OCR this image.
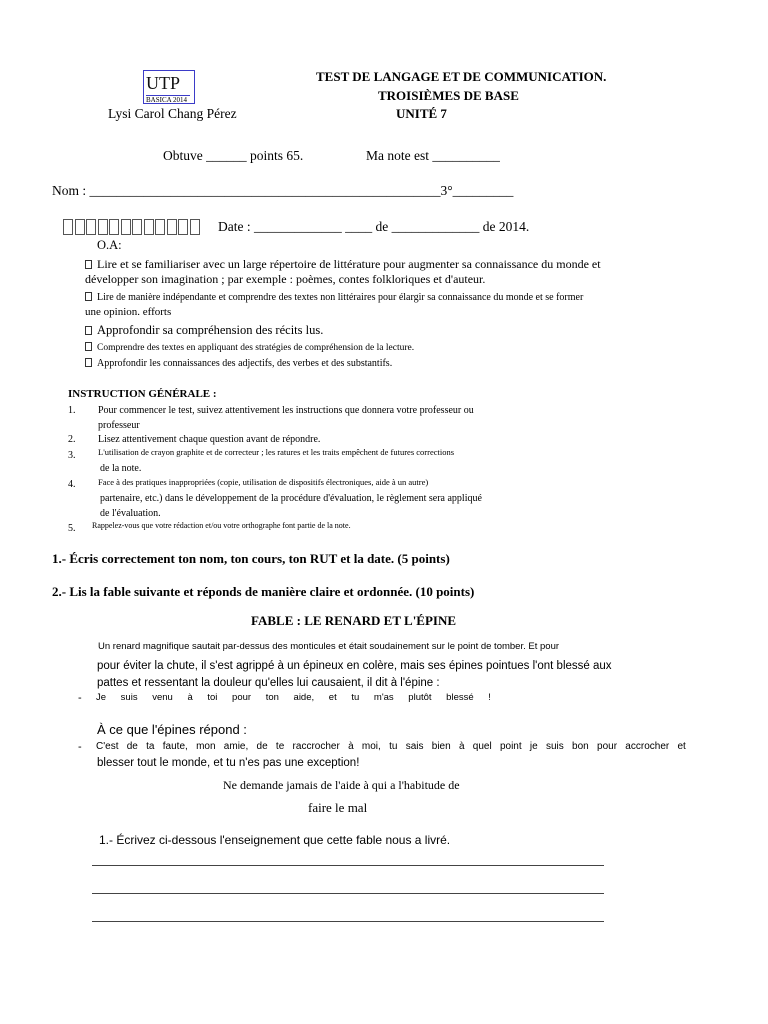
UTP
BASICA 2014
Lysi Carol Chang Pérez
TEST DE LANGAGE ET DE COMMUNICATION.
TROISIÈMES DE BASE
UNITÉ 7
Obtuve ______ points 65.	Ma note est __________
Nom : ____________________________________________________3°_________
Date : _____________ ____ de _____________ de 2014.
O.A:
Lire et se familiariser avec un large répertoire de littérature pour augmenter sa connaissance du monde et
développer son imagination ; par exemple : poèmes, contes folkloriques et d'auteur.
Lire de manière indépendante et comprendre des textes non littéraires pour élargir sa connaissance du monde et se former
une opinion. efforts
Approfondir sa compréhension des récits lus.
Comprendre des textes en appliquant des stratégies de compréhension de la lecture.
Approfondir les connaissances des adjectifs, des verbes et des substantifs.
INSTRUCTION GÉNÉRALE :
1. Pour commencer le test, suivez attentivement les instructions que donnera votre professeur ou
professeur
2. Lisez attentivement chaque question avant de répondre.
3.	L'utilisation de crayon graphite et de correcteur ; les ratures et les traits empêchent de futures corrections
de la note.
4.	Face à des pratiques inappropriées (copie, utilisation de dispositifs électroniques, aide à un autre)
partenaire, etc.) dans le développement de la procédure d'évaluation, le règlement sera appliqué
de l'évaluation.
5. Rappelez-vous que votre rédaction et/ou votre orthographe font partie de la note.
1.- Écris correctement ton nom, ton cours, ton RUT et la date. (5 points)
2.- Lis la fable suivante et réponds de manière claire et ordonnée. (10 points)
FABLE : LE RENARD ET L'ÉPINE
Un renard magnifique sautait par-dessus des monticules et était soudainement sur le point de tomber. Et pour
pour éviter la chute, il s'est agrippé à un épineux en colère, mais ses épines pointues l'ont blessé aux
pattes et ressentant la douleur qu'elles lui causaient, il dit à l'épine :
- Je suis venu à toi pour ton aide, et tu m'as plutôt blessé !
À ce que l'épines répond :
- C'est de ta faute, mon amie, de te raccrocher à moi, tu sais bien à quel point je suis bon pour accrocher et
blesser tout le monde, et tu n'es pas une exception!
Ne demande jamais de l'aide à qui a l'habitude de
faire le mal
1.- Écrivez ci-dessous l'enseignement que cette fable nous a livré.
